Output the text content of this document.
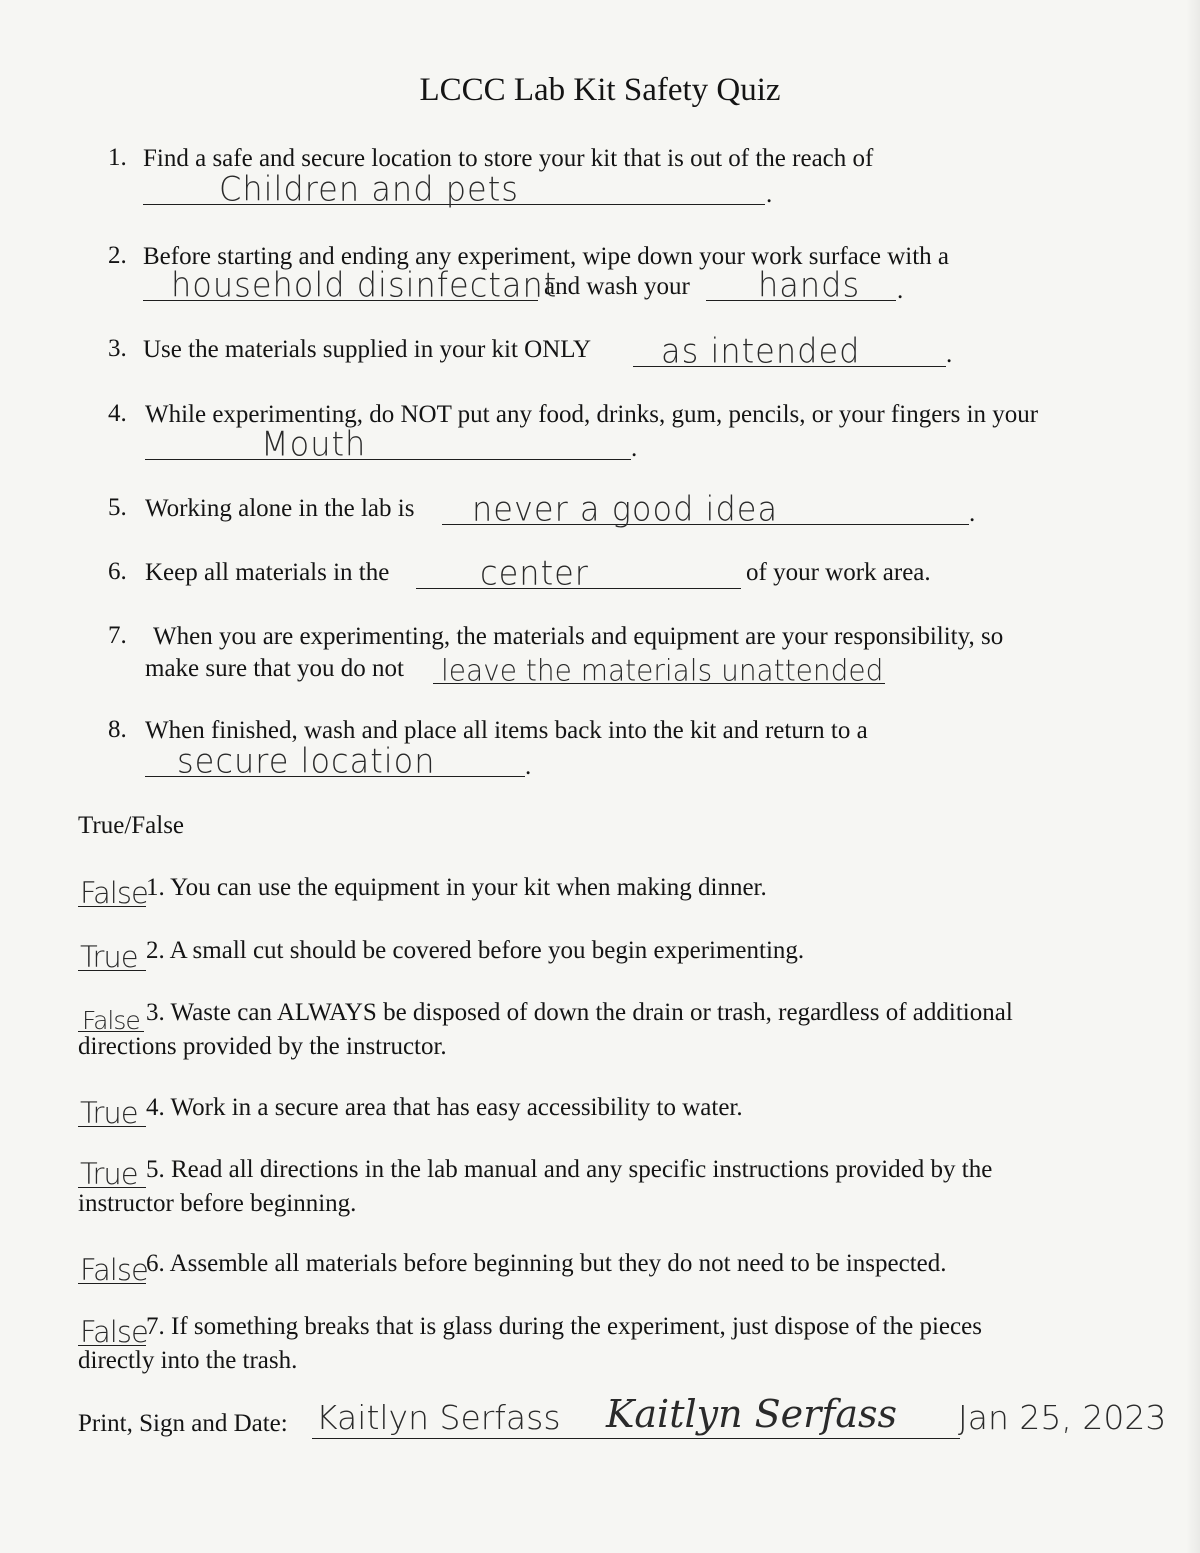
LCCC Lab Kit Safety Quiz
1. Find a safe and secure location to store your kit that is out of the reach of
Children and pets	.
2. Before starting and ending any experiment, wipe down your work surface with a
household disinfectant
and wash your hands .
3. Use the materials supplied in your kit ONLY as intended	.
4. While experimenting, do NOT put any food, drinks, gum, pencils, or your fingers in your
Mouth	.
5. Working alone in the lab is never a good idea	.
6. Keep all materials in the	center	of your work area.
7. When you are experimenting, the materials and equipment are your responsibility, so
make sure that you do not leave the materials unattended
8. When finished, wash and place all items back into the kit and return to a
secure location	.
True/False
False
1. You can use the equipment in your kit when making dinner.
True 2. A small cut should be covered before you begin experimenting.
False 3. Waste can ALWAYS be disposed of down the drain or trash, regardless of additional
directions provided by the instructor.
True 4. Work in a secure area that has easy accessibility to water.
True 5. Read all directions in the lab manual and any specific instructions provided by the
instructor before beginning.
False
6. Assemble all materials before beginning but they do not need to be inspected.
False
7. If something breaks that is glass during the experiment, just dispose of the pieces
directly into the trash.
Print, Sign and Date: Kaitlyn Serfass Kaitlyn Serfass Jan 25, 2023
